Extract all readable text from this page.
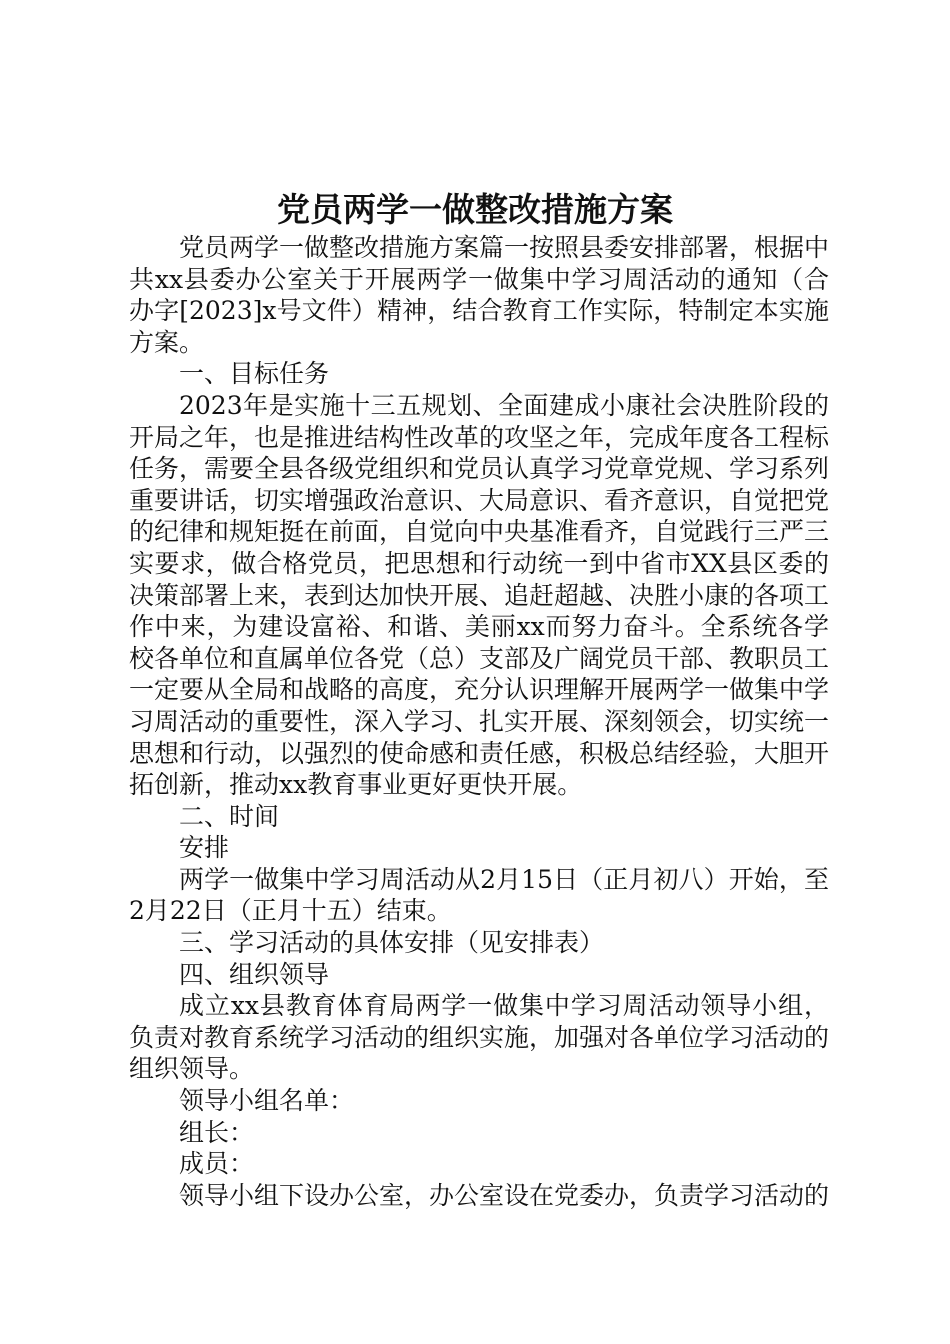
党员两学一做整改措施方案

党员两学一做整改措施方案篇一按照县委安排部署，根据中共xx县委办公室关于开展两学一做集中学习周活动的通知（合办字[2023]x号文件）精神，结合教育工作实际，特制定本实施方案。

一、目标任务

2023年是实施十三五规划、全面建成小康社会决胜阶段的开局之年，也是推进结构性改革的攻坚之年，完成年度各工程标任务，需要全县各级党组织和党员认真学习党章党规、学习系列重要讲话，切实增强政治意识、大局意识、看齐意识，自觉把党的纪律和规矩挺在前面，自觉向中央基准看齐，自觉践行三严三实要求，做合格党员，把思想和行动统一到中省市XX县区委的决策部署上来，表到达加快开展、追赶超越、决胜小康的各项工作中来，为建设富裕、和谐、美丽xx而努力奋斗。全系统各学校各单位和直属单位各党（总）支部及广阔党员干部、教职员工一定要从全局和战略的高度，充分认识理解开展两学一做集中学习周活动的重要性，深入学习、扎实开展、深刻领会，切实统一思想和行动，以强烈的使命感和责任感，积极总结经验，大胆开拓创新，推动xx教育事业更好更快开展。

二、时间

安排

两学一做集中学习周活动从2月15日（正月初八）开始，至2月22日（正月十五）结束。

三、学习活动的具体安排（见安排表）

四、组织领导

成立xx县教育体育局两学一做集中学习周活动领导小组，负责对教育系统学习活动的组织实施，加强对各单位学习活动的组织领导。

领导小组名单：

组长：

成员：

领导小组下设办公室，办公室设在党委办，负责学习活动的
